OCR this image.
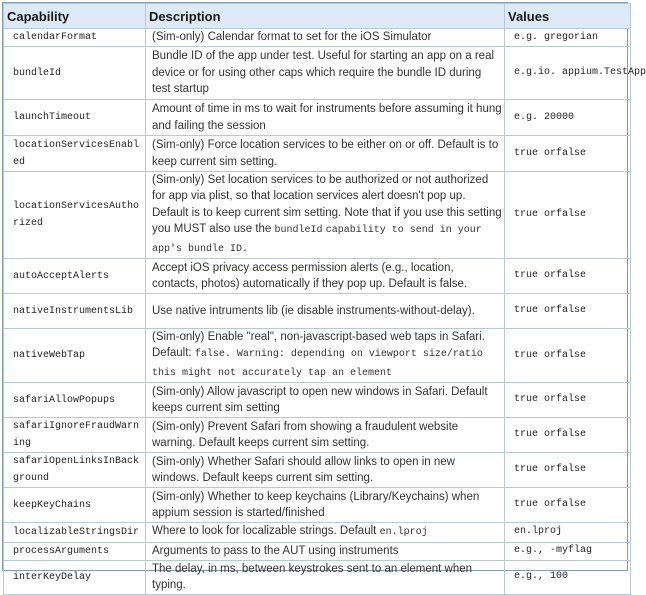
Capability	Description	Values
calendarFormat	(Sim-only) Calendar format to set for the iOS Simulator	e.g. gregorian
bundleId	Bundle ID of the app under test. Useful for starting an app on a real device or for using other caps which require the bundle ID during test startup	e.g.io. appium.TestApp
launchTimeout	Amount of time in ms to wait for instruments before assuming it hung and failing the session	e.g. 20000
locationServicesEnabled	(Sim-only) Force location services to be either on or off. Default is to keep current sim setting.	true orfalse
locationServicesAuthorized	(Sim-only) Set location services to be authorized or not authorized for app via plist, so that location services alert doesn't pop up. Default is to keep current sim setting. Note that if you use this setting you MUST also use the bundleId capability to send in your app's bundle ID.	true orfalse
autoAcceptAlerts	Accept iOS privacy access permission alerts (e.g., location, contacts, photos) automatically if they pop up. Default is false.	true orfalse
nativeInstrumentsLib	Use native intruments lib (ie disable instruments-without-delay).	true orfalse
nativeWebTap	(Sim-only) Enable "real", non-javascript-based web taps in Safari. Default: false. Warning: depending on viewport size/ratio this might not accurately tap an element	true orfalse
safariAllowPopups	(Sim-only) Allow javascript to open new windows in Safari. Default keeps current sim setting	true orfalse
safariIgnoreFraudWarning	(Sim-only) Prevent Safari from showing a fraudulent website warning. Default keeps current sim setting.	true orfalse
safariOpenLinksInBackground	(Sim-only) Whether Safari should allow links to open in new windows. Default keeps current sim setting.	true orfalse
keepKeyChains	(Sim-only) Whether to keep keychains (Library/Keychains) when appium session is started/finished	true orfalse
localizableStringsDir	Where to look for localizable strings. Default en.lproj	en.lproj
processArguments	Arguments to pass to the AUT using instruments	e.g., -myflag
interKeyDelay	The delay, in ms, between keystrokes sent to an element when typing.	e.g., 100
